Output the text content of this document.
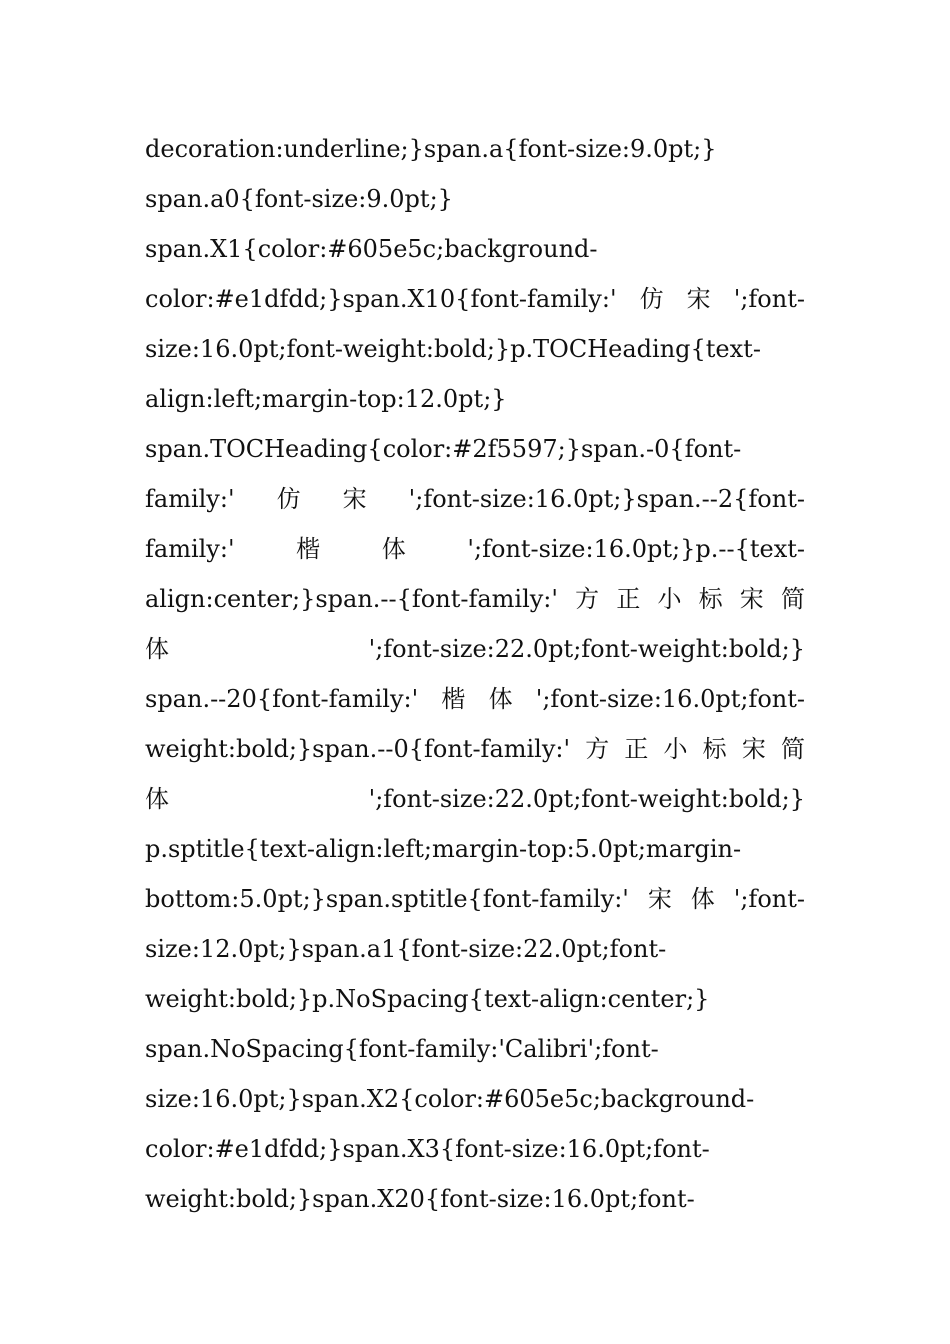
decoration:underline;}span.a{font-size:9.0pt;}
span.a0{font-size:9.0pt;}
span.X1{color:#605e5c;background-
color:#e1dfdd;}span.X10{font-family:' 仿 宋 ';font-
size:16.0pt;font-weight:bold;}p.TOCHeading{text-
align:left;margin-top:12.0pt;}
span.TOCHeading{color:#2f5597;}span.-0{font-
family:' 仿 宋 ';font-size:16.0pt;}span.--2{font-
family:'	楷	体	';font-size:16.0pt;}p.--{text-
align:center;}span.--{font-family:' 方 正 小 标 宋 简
体	';font-size:22.0pt;font-weight:bold;}
span.--20{font-family:' 楷 体 ';font-size:16.0pt;font-
weight:bold;}span.--0{font-family:' 方 正 小 标 宋 简
体	';font-size:22.0pt;font-weight:bold;}
p.sptitle{text-align:left;margin-top:5.0pt;margin-
bottom:5.0pt;}span.sptitle{font-family:' 宋 体 ';font-
size:12.0pt;}span.a1{font-size:22.0pt;font-
weight:bold;}p.NoSpacing{text-align:center;}
span.NoSpacing{font-family:'Calibri';font-
size:16.0pt;}span.X2{color:#605e5c;background-
color:#e1dfdd;}span.X3{font-size:16.0pt;font-
weight:bold;}span.X20{font-size:16.0pt;font-
